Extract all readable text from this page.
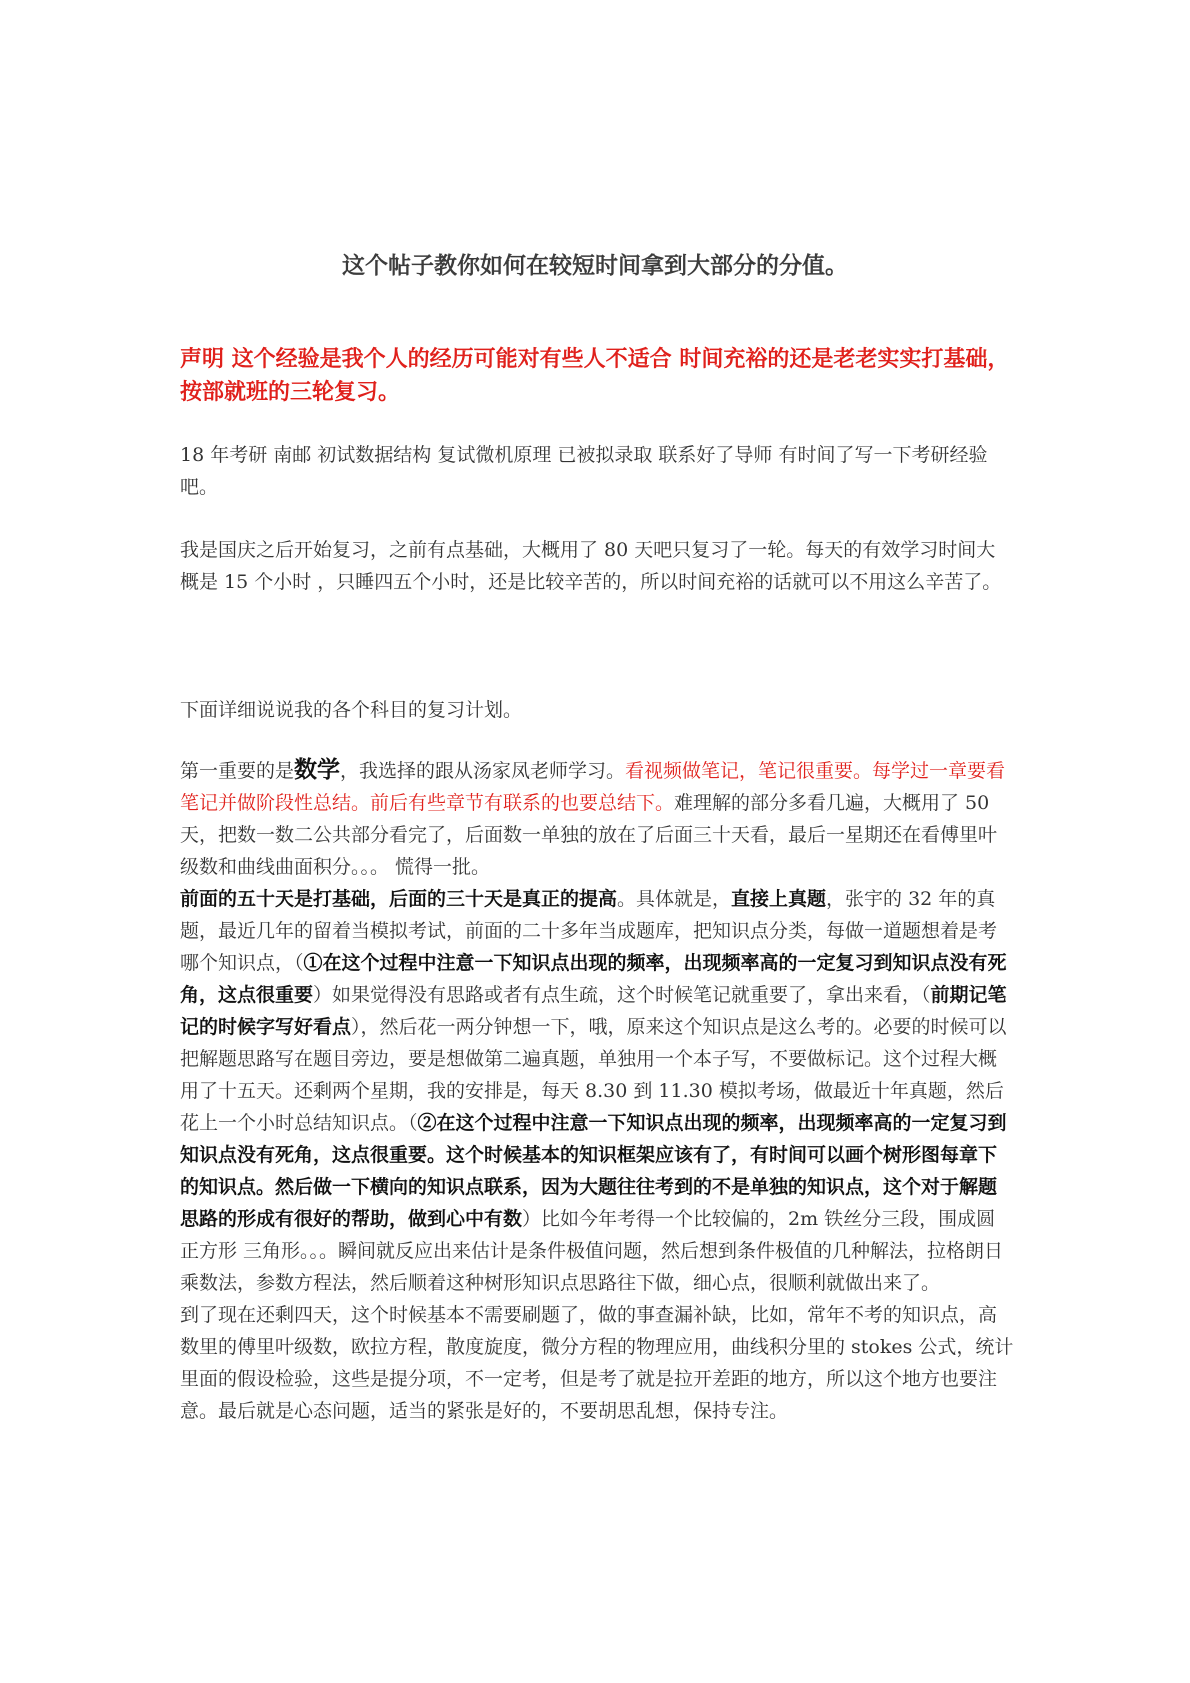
这个帖子教你如何在较短时间拿到大部分的分值。
声明 这个经验是我个人的经历可能对有些人不适合 时间充裕的还是老老实实打基础，按部就班的三轮复习。
18 年考研 南邮 初试数据结构 复试微机原理 已被拟录取 联系好了导师 有时间了写一下考研经验吧。
我是国庆之后开始复习，之前有点基础，大概用了 80 天吧只复习了一轮。每天的有效学习时间大概是 15 个小时 ，只睡四五个小时，还是比较辛苦的，所以时间充裕的话就可以不用这么辛苦了。
下面详细说说我的各个科目的复习计划。
第一重要的是数学，我选择的跟从汤家凤老师学习。看视频做笔记，笔记很重要。每学过一章要看笔记并做阶段性总结。前后有些章节有联系的也要总结下。难理解的部分多看几遍，大概用了 50 天，把数一数二公共部分看完了，后面数一单独的放在了后面三十天看，最后一星期还在看傅里叶级数和曲线曲面积分。。。 慌得一批。
前面的五十天是打基础，后面的三十天是真正的提高。具体就是，直接上真题，张宇的 32 年的真题，最近几年的留着当模拟考试，前面的二十多年当成题库，把知识点分类，每做一道题想着是考哪个知识点，（①在这个过程中注意一下知识点出现的频率，出现频率高的一定复习到知识点没有死角，这点很重要）如果觉得没有思路或者有点生疏，这个时候笔记就重要了，拿出来看，（前期记笔记的时候字写好看点），然后花一两分钟想一下，哦，原来这个知识点是这么考的。必要的时候可以把解题思路写在题目旁边，要是想做第二遍真题，单独用一个本子写，不要做标记。这个过程大概用了十五天。还剩两个星期，我的安排是，每天 8.30 到 11.30 模拟考场，做最近十年真题，然后花上一个小时总结知识点。（②在这个过程中注意一下知识点出现的频率，出现频率高的一定复习到知识点没有死角，这点很重要。这个时候基本的知识框架应该有了，有时间可以画个树形图每章下的知识点。然后做一下横向的知识点联系，因为大题往往考到的不是单独的知识点，这个对于解题思路的形成有很好的帮助，做到心中有数）比如今年考得一个比较偏的，2m 铁丝分三段，围成圆正方形 三角形。。。瞬间就反应出来估计是条件极值问题，然后想到条件极值的几种解法，拉格朗日乘数法，参数方程法，然后顺着这种树形知识点思路往下做，细心点，很顺利就做出来了。
到了现在还剩四天，这个时候基本不需要刷题了，做的事查漏补缺，比如，常年不考的知识点，高数里的傅里叶级数，欧拉方程，散度旋度，微分方程的物理应用，曲线积分里的 stokes 公式，统计里面的假设检验，这些是提分项，不一定考，但是考了就是拉开差距的地方，所以这个地方也要注意。最后就是心态问题，适当的紧张是好的，不要胡思乱想，保持专注。
